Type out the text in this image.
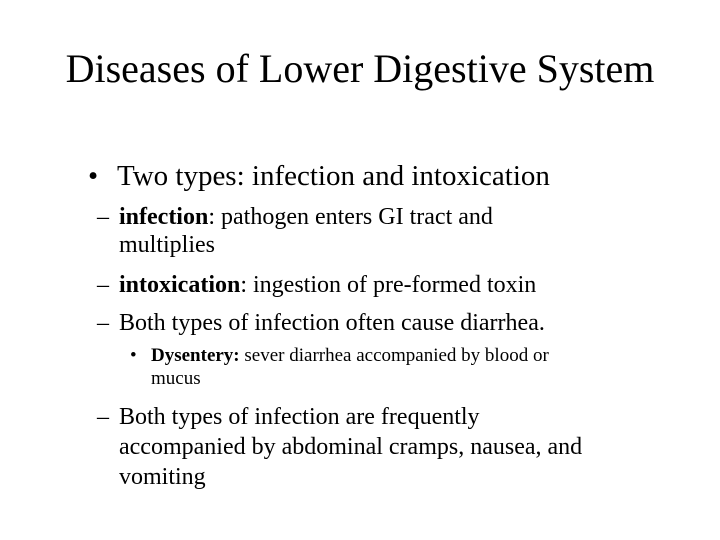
Diseases of Lower Digestive System
• Two types: infection and intoxication
– infection: pathogen enters GI tract and
multiplies
– intoxication: ingestion of pre-formed toxin
– Both types of infection often cause diarrhea.
• Dysentery: sever diarrhea accompanied by blood or
mucus
– Both types of infection are frequently
accompanied by abdominal cramps, nausea, and
vomiting
